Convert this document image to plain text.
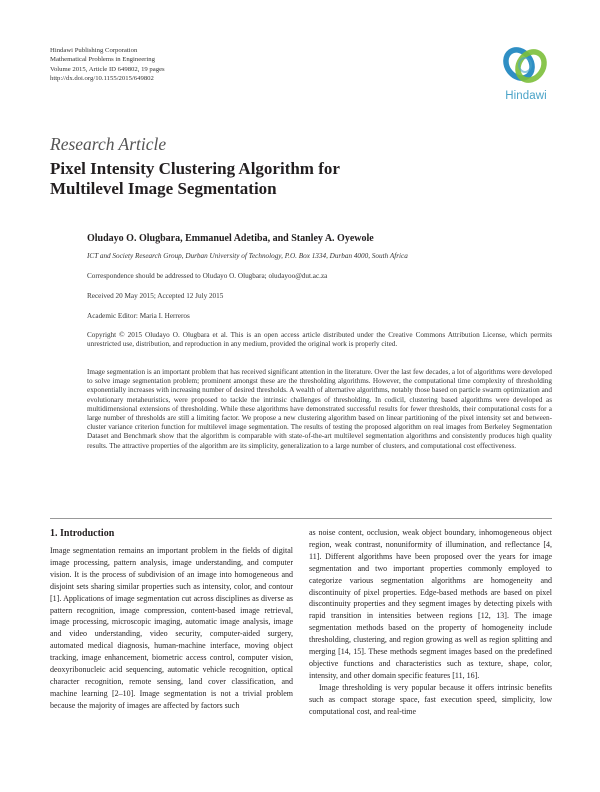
Hindawi Publishing Corporation
Mathematical Problems in Engineering
Volume 2015, Article ID 649802, 19 pages
http://dx.doi.org/10.1155/2015/649802
Hindawi
Research Article
Pixel Intensity Clustering Algorithm for
Multilevel Image Segmentation
Oludayo O. Olugbara, Emmanuel Adetiba, and Stanley A. Oyewole
ICT and Society Research Group, Durban University of Technology, P.O. Box 1334, Durban 4000, South Africa
Correspondence should be addressed to Oludayo O. Olugbara; oludayoo@dut.ac.za
Received 20 May 2015; Accepted 12 July 2015
Academic Editor: Maria I. Herreros
Copyright © 2015 Oludayo O. Olugbara et al. This is an open access article distributed under the Creative Commons Attribution License, which permits unrestricted use, distribution, and reproduction in any medium, provided the original work is properly cited.
Image segmentation is an important problem that has received significant attention in the literature. Over the last few decades, a lot of algorithms were developed to solve image segmentation problem; prominent amongst these are the thresholding algorithms. However, the computational time complexity of thresholding exponentially increases with increasing number of desired thresholds. A wealth of alternative algorithms, notably those based on particle swarm optimization and evolutionary metaheuristics, were proposed to tackle the intrinsic challenges of thresholding. In codicil, clustering based algorithms were developed as multidimensional extensions of thresholding. While these algorithms have demonstrated successful results for fewer thresholds, their computational costs for a large number of thresholds are still a limiting factor. We propose a new clustering algorithm based on linear partitioning of the pixel intensity set and between-cluster variance criterion function for multilevel image segmentation. The results of testing the proposed algorithm on real images from Berkeley Segmentation Dataset and Benchmark show that the algorithm is comparable with state-of-the-art multilevel segmentation algorithms and consistently produces high quality results. The attractive properties of the algorithm are its simplicity, generalization to a large number of clusters, and computational cost effectiveness.
1. Introduction

Image segmentation remains an important problem in the fields of digital image processing, pattern analysis, image understanding, and computer vision. It is the process of subdivision of an image into homogeneous and disjoint sets sharing similar properties such as intensity, color, and contour [1]. Applications of image segmentation cut across disciplines as diverse as pattern recognition, image compression, content-based image retrieval, image processing, microscopic imaging, automatic image analysis, image and video understanding, video security, computer-aided surgery, automated medical diagnosis, human-machine interface, moving object tracking, image enhancement, biometric access control, computer vision, deoxyribonucleic acid sequencing, automatic vehicle recognition, optical character recognition, remote sensing, land cover classification, and machine learning [2–10]. Image segmentation is not a trivial problem because the majority of images are affected by factors such

as noise content, occlusion, weak object boundary, inhomogeneous object region, weak contrast, nonuniformity of illumination, and reflectance [4, 11]. Different algorithms have been proposed over the years for image segmentation and two important properties commonly employed to categorize various segmentation algorithms are homogeneity and discontinuity of pixel properties. Edge-based methods are based on pixel discontinuity properties and they segment images by detecting pixels with rapid transition in intensities between regions [12, 13]. The image segmentation methods based on the property of homogeneity include thresholding, clustering, and region growing as well as region splitting and merging [14, 15]. These methods segment images based on the predefined objective functions and characteristics such as texture, shape, color, intensity, and other domain specific features [11, 16].

Image thresholding is very popular because it offers intrinsic benefits such as compact storage space, fast execution speed, simplicity, low computational cost, and real-time
